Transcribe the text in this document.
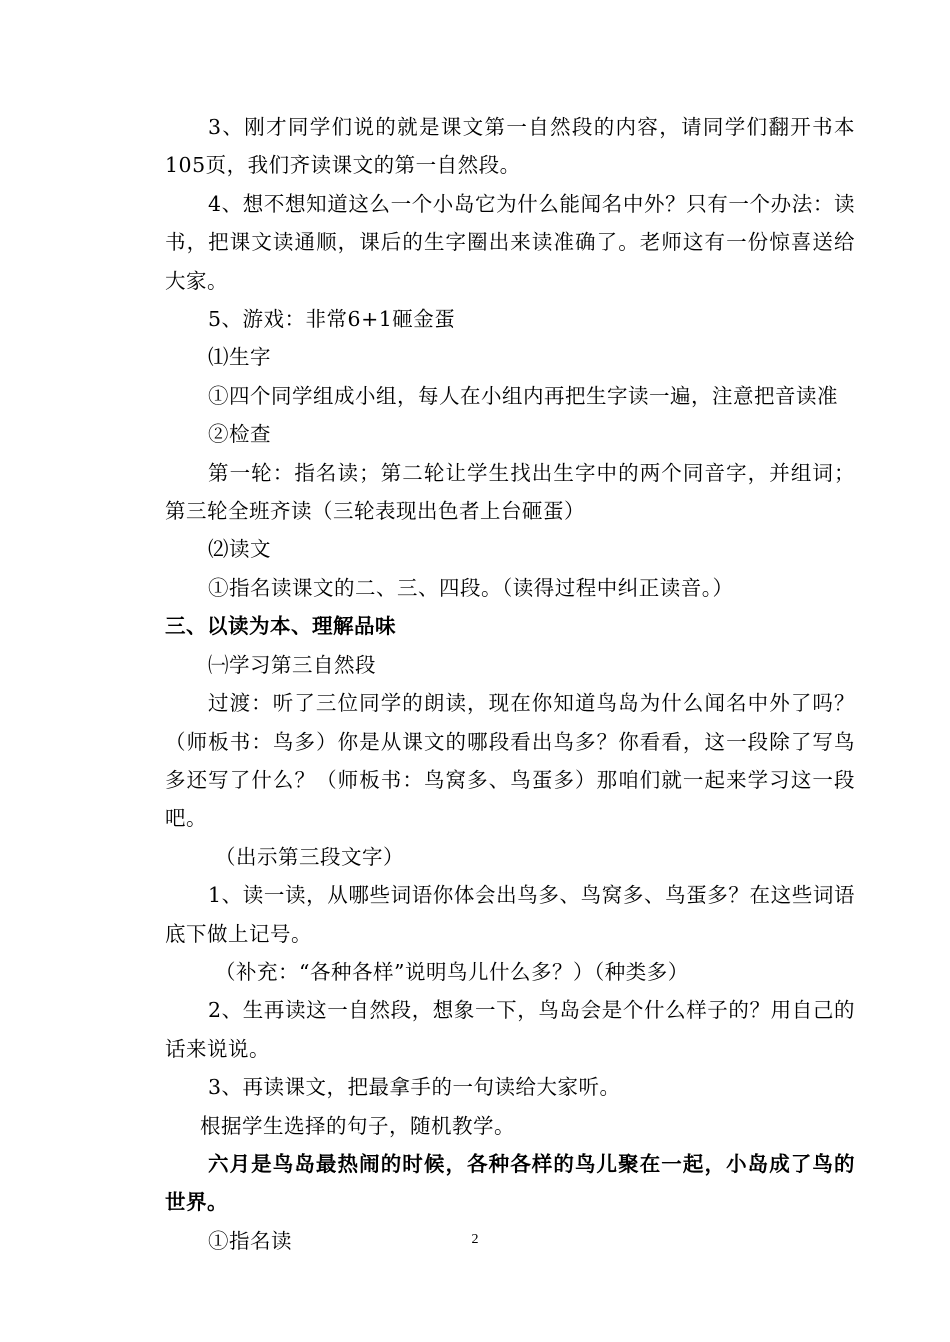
3、刚才同学们说的就是课文第一自然段的内容，请同学们翻开书本105页，我们齐读课文的第一自然段。

4、想不想知道这么一个小岛它为什么能闻名中外？只有一个办法：读书，把课文读通顺，课后的生字圈出来读准确了。老师这有一份惊喜送给大家。

5、游戏：非常6+1砸金蛋

⑴生字

①四个同学组成小组，每人在小组内再把生字读一遍，注意把音读准

②检查

第一轮：指名读；第二轮让学生找出生字中的两个同音字，并组词；第三轮全班齐读（三轮表现出色者上台砸蛋）

⑵读文

①指名读课文的二、三、四段。（读得过程中纠正读音。）

三、以读为本、理解品味

㈠学习第三自然段

过渡：听了三位同学的朗读，现在你知道鸟岛为什么闻名中外了吗？（师板书：鸟多）你是从课文的哪段看出鸟多？你看看，这一段除了写鸟多还写了什么？（师板书：鸟窝多、鸟蛋多）那咱们就一起来学习这一段吧。

（出示第三段文字）

1、读一读，从哪些词语你体会出鸟多、鸟窝多、鸟蛋多？在这些词语底下做上记号。

（补充：“各种各样”说明鸟儿什么多？）（种类多）

2、生再读这一自然段，想象一下，鸟岛会是个什么样子的？用自己的话来说说。

3、再读课文，把最拿手的一句读给大家听。

根据学生选择的句子，随机教学。

六月是鸟岛最热闹的时候，各种各样的鸟儿聚在一起，小岛成了鸟的世界。

①指名读	2
